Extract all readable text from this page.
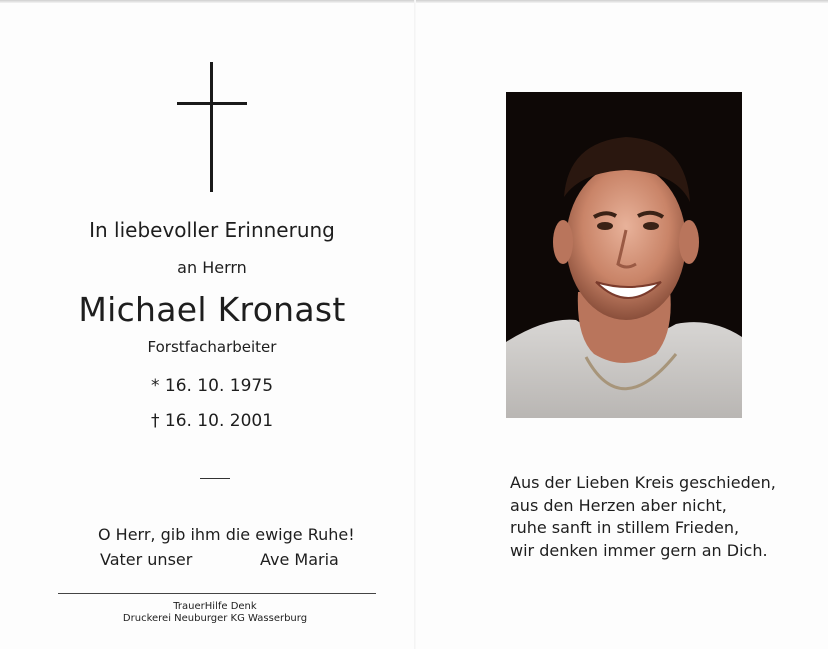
In liebevoller Erinnerung
an Herrn
Michael Kronast
Forstfacharbeiter
* 16. 10. 1975
† 16. 10. 2001
O Herr, gib ihm die ewige Ruhe!
Vater unser	Ave Maria
TrauerHilfe Denk
Druckerei Neuburger KG Wasserburg
Aus der Lieben Kreis geschieden,
aus den Herzen aber nicht,
ruhe sanft in stillem Frieden,
wir denken immer gern an Dich.
